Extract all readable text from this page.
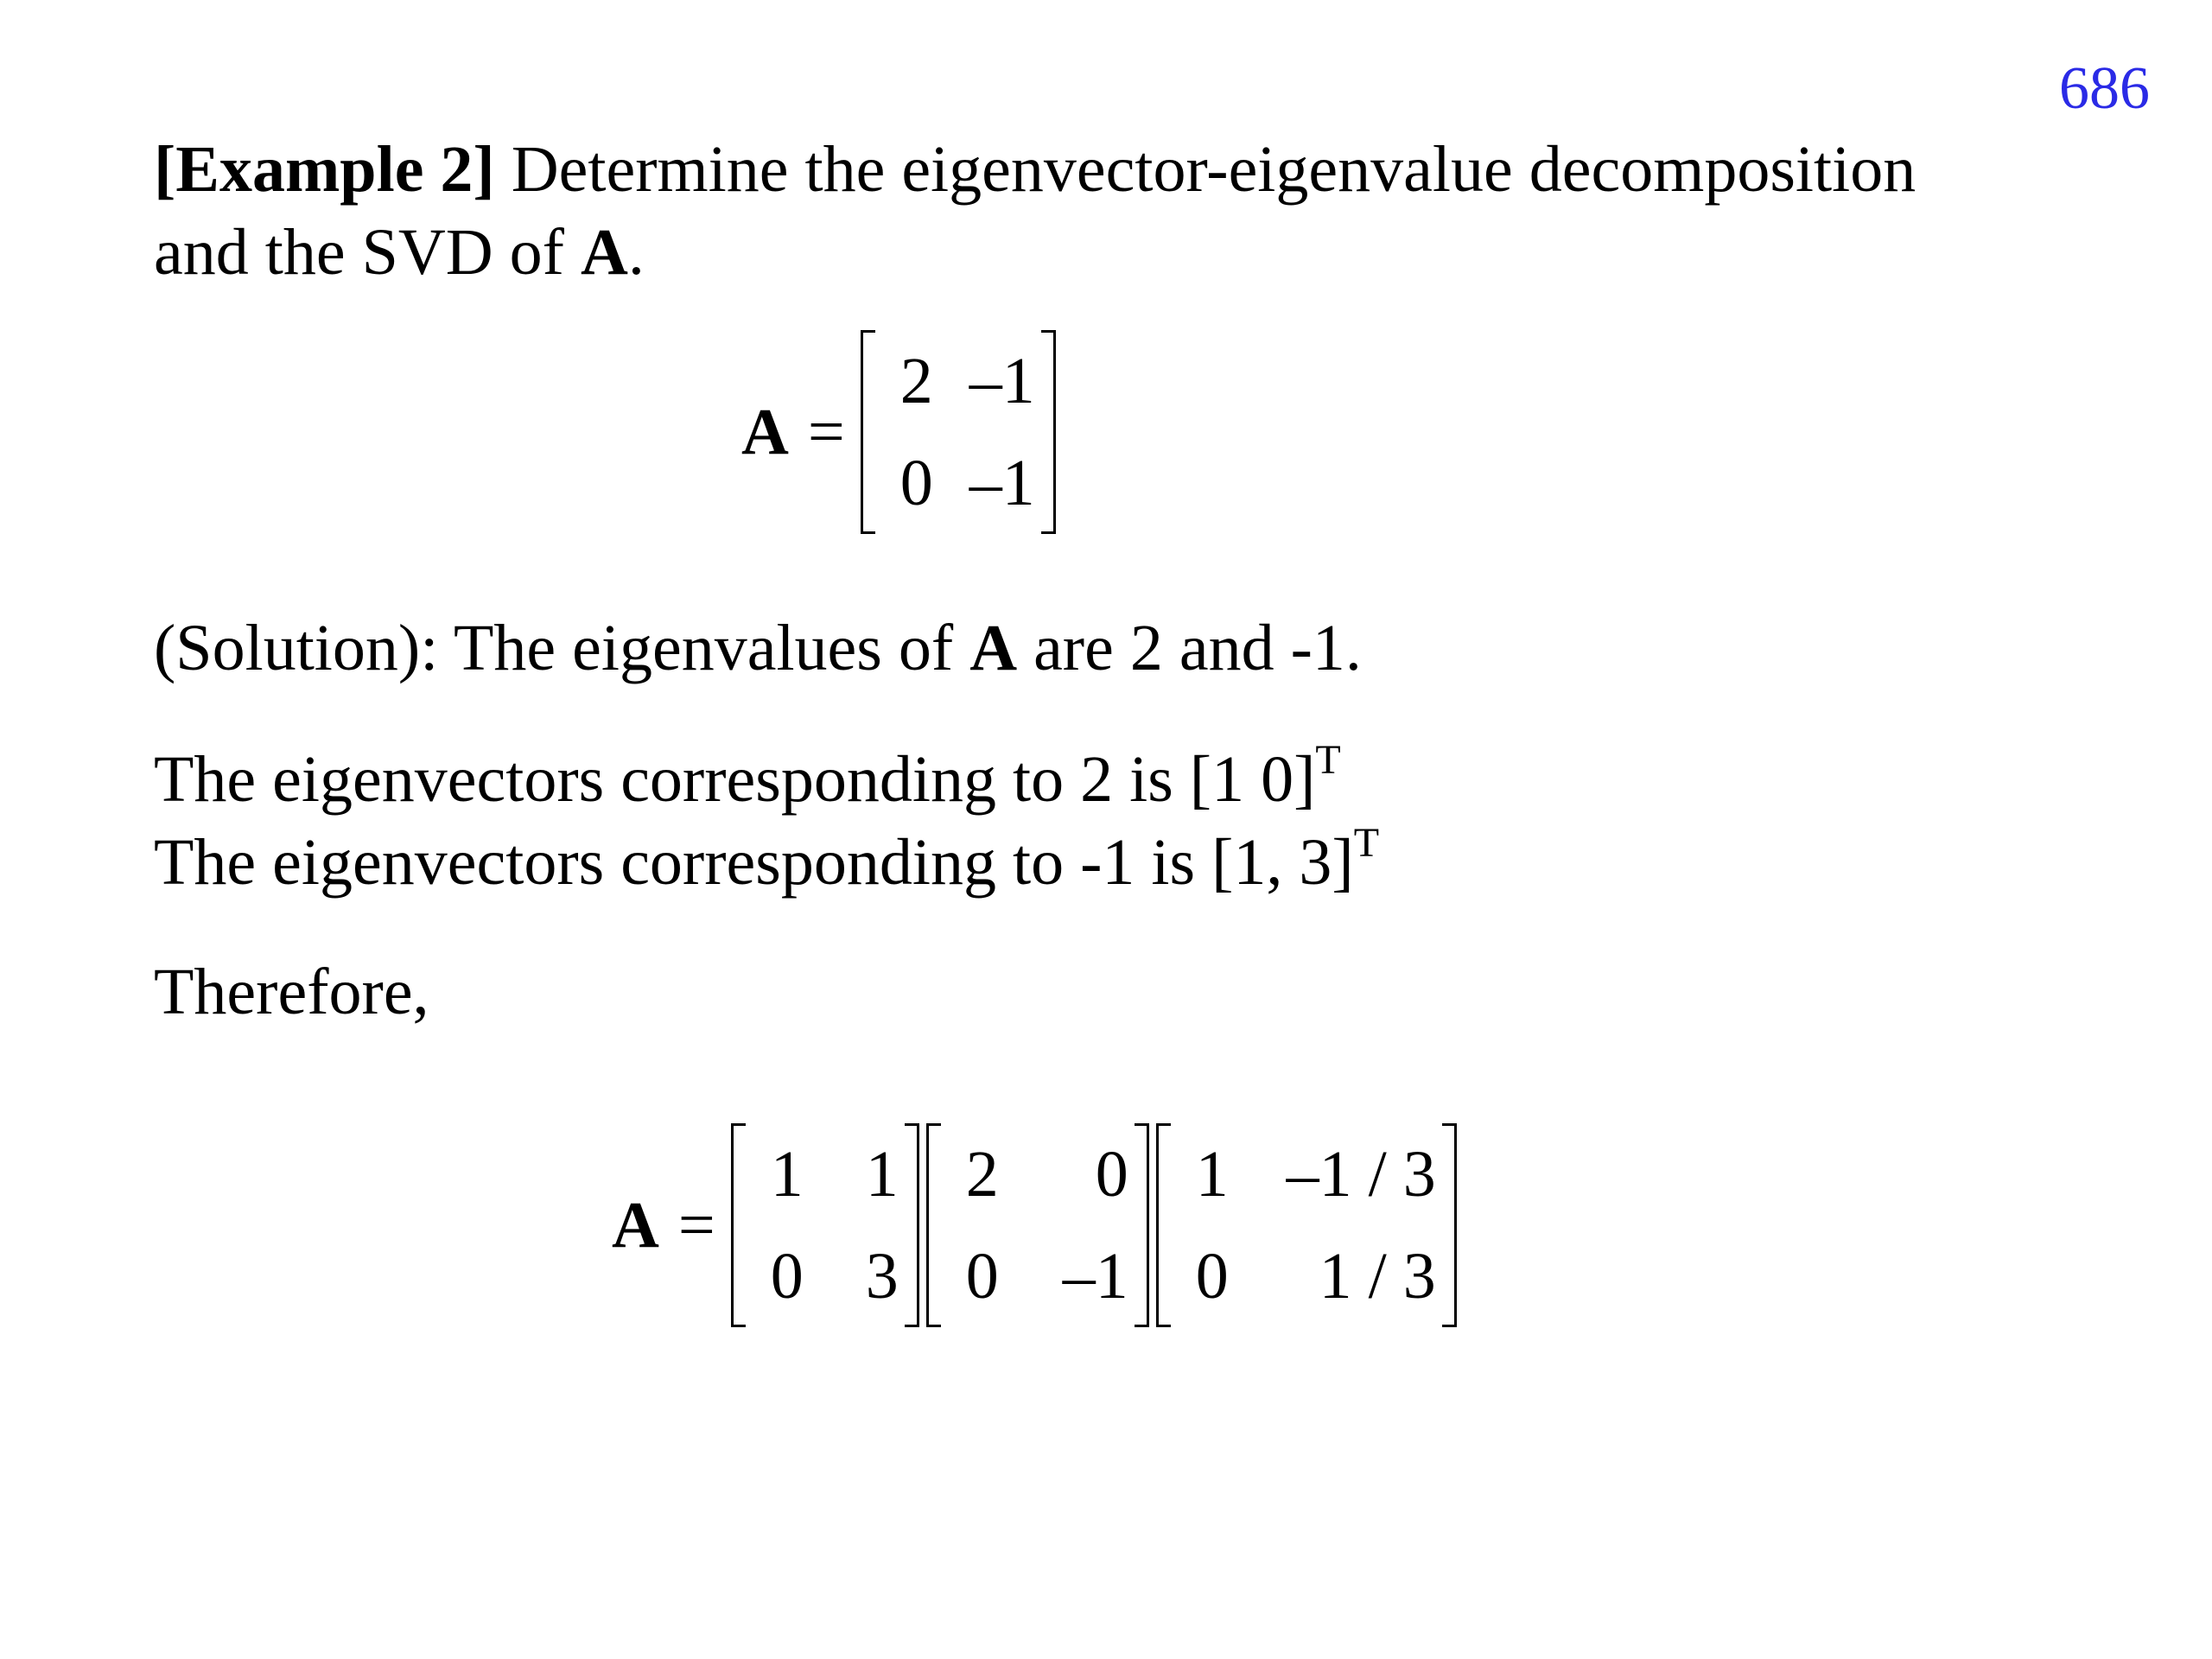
686
[Example 2] Determine the eigenvector-eigenvalue decomposition
and the SVD of A.
A =
2 –1
0 –1
(Solution): The eigenvalues of A are 2 and -1.
The eigenvectors corresponding to 2 is [1 0]$^T$
The eigenvectors corresponding to -1 is [1, 3]$^T$
Therefore,
A =
1 1
0 3
2	0
0 –1
1 –1 / 3
0	1 / 3
